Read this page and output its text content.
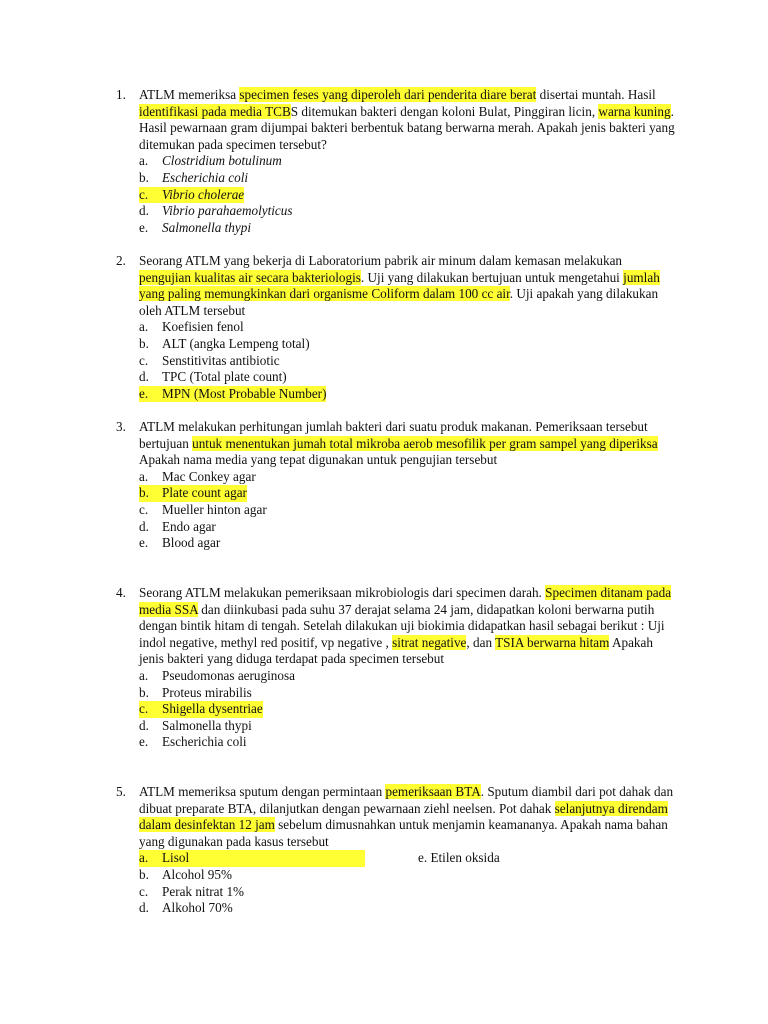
1. ATLM memeriksa specimen feses yang diperoleh dari penderita diare berat disertai muntah. Hasil identifikasi pada media TCBS ditemukan bakteri dengan koloni Bulat, Pinggiran licin, warna kuning. Hasil pewarnaan gram dijumpai bakteri berbentuk batang berwarna merah. Apakah jenis bakteri yang ditemukan pada specimen tersebut?
a. Clostridium botulinum
b. Escherichia coli
c.	Vibrio cholerae
d. Vibrio parahaemolyticus
e. Salmonella thypi
2. Seorang ATLM yang bekerja di Laboratorium pabrik air minum dalam kemasan melakukan pengujian kualitas air secara bakteriologis. Uji yang dilakukan bertujuan untuk mengetahui jumlah yang paling memungkinkan dari organisme Coliform dalam 100 cc air. Uji apakah yang dilakukan oleh ATLM tersebut
a. Koefisien fenol
b. ALT (angka Lempeng total)
c. Senstitivitas antibiotic
d. TPC (Total plate count)
e.	MPN (Most Probable Number)
3. ATLM melakukan perhitungan jumlah bakteri dari suatu produk makanan. Pemeriksaan tersebut bertujuan untuk menentukan jumah total mikroba aerob mesofilik per gram sampel yang diperiksa Apakah nama media yang tepat digunakan untuk pengujian tersebut
a. Mac Conkey agar
b. Plate count agar
c. Mueller hinton agar
d. Endo agar
e. Blood agar
4. Seorang ATLM melakukan pemeriksaan mikrobiologis dari specimen darah. Specimen ditanam pada media SSA dan diinkubasi pada suhu 37 derajat selama 24 jam, didapatkan koloni berwarna putih dengan bintik hitam di tengah. Setelah dilakukan uji biokimia didapatkan hasil sebagai berikut : Uji indol negative, methyl red positif, vp negative , sitrat negative, dan TSIA berwarna hitam Apakah jenis bakteri yang diduga terdapat pada specimen tersebut
a. Pseudomonas aeruginosa
b. Proteus mirabilis
c.	Shigella dysentriae
d. Salmonella thypi
e. Escherichia coli
5. ATLM memeriksa sputum dengan permintaan pemeriksaan BTA. Sputum diambil dari pot dahak dan dibuat preparate BTA, dilanjutkan dengan pewarnaan ziehl neelsen. Pot dahak selanjutnya direndam dalam desinfektan 12 jam sebelum dimusnahkan untuk menjamin keamananya. Apakah nama bahan yang digunakan pada kasus tersebut
a.	Lisol	e. Etilen oksida
b. Alcohol 95%
c. Perak nitrat 1%
d. Alkohol 70%
